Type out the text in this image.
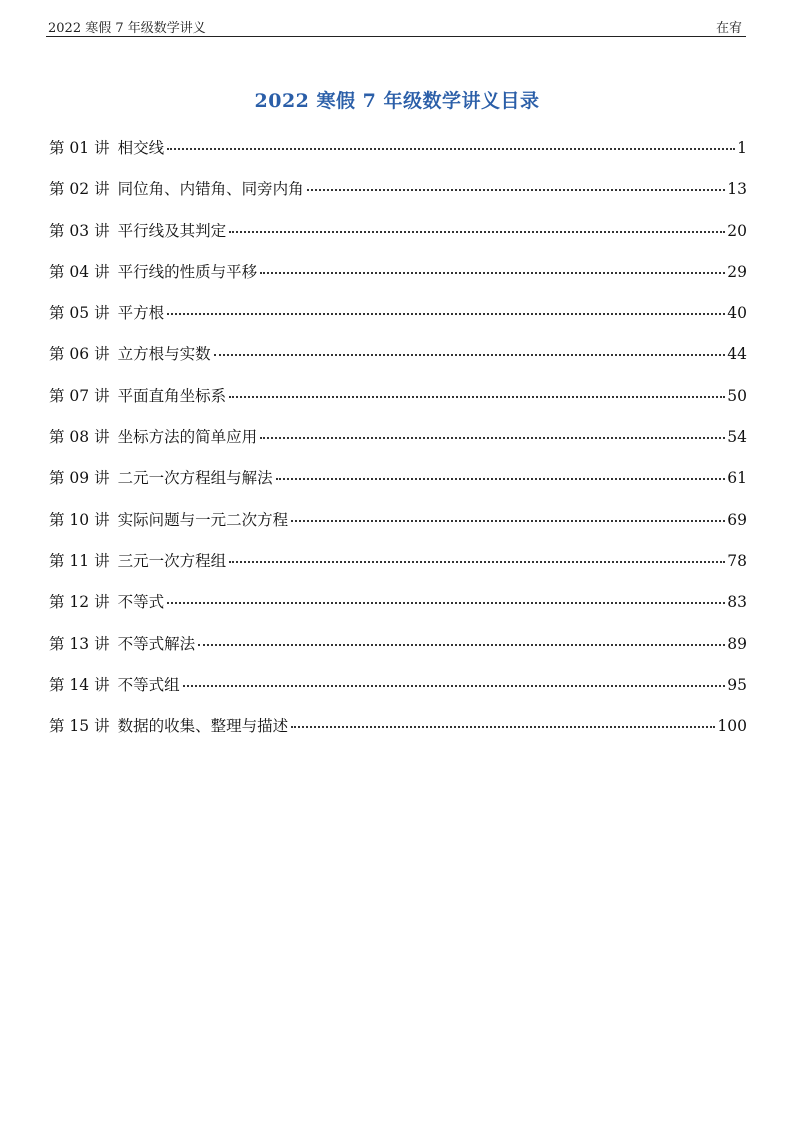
2022 寒假 7 年级数学讲义	在宥
2022 寒假 7 年级数学讲义目录
第 01 讲 相交线	1
第 02 讲 同位角、内错角、同旁内角	13
第 03 讲 平行线及其判定	20
第 04 讲 平行线的性质与平移	29
第 05 讲 平方根	40
第 06 讲 立方根与实数	44
第 07 讲 平面直角坐标系	50
第 08 讲 坐标方法的简单应用	54
第 09 讲 二元一次方程组与解法	61
第 10 讲 实际问题与一元二次方程	69
第 11 讲 三元一次方程组	78
第 12 讲 不等式	83
第 13 讲 不等式解法	89
第 14 讲 不等式组	95
第 15 讲 数据的收集、整理与描述	100
